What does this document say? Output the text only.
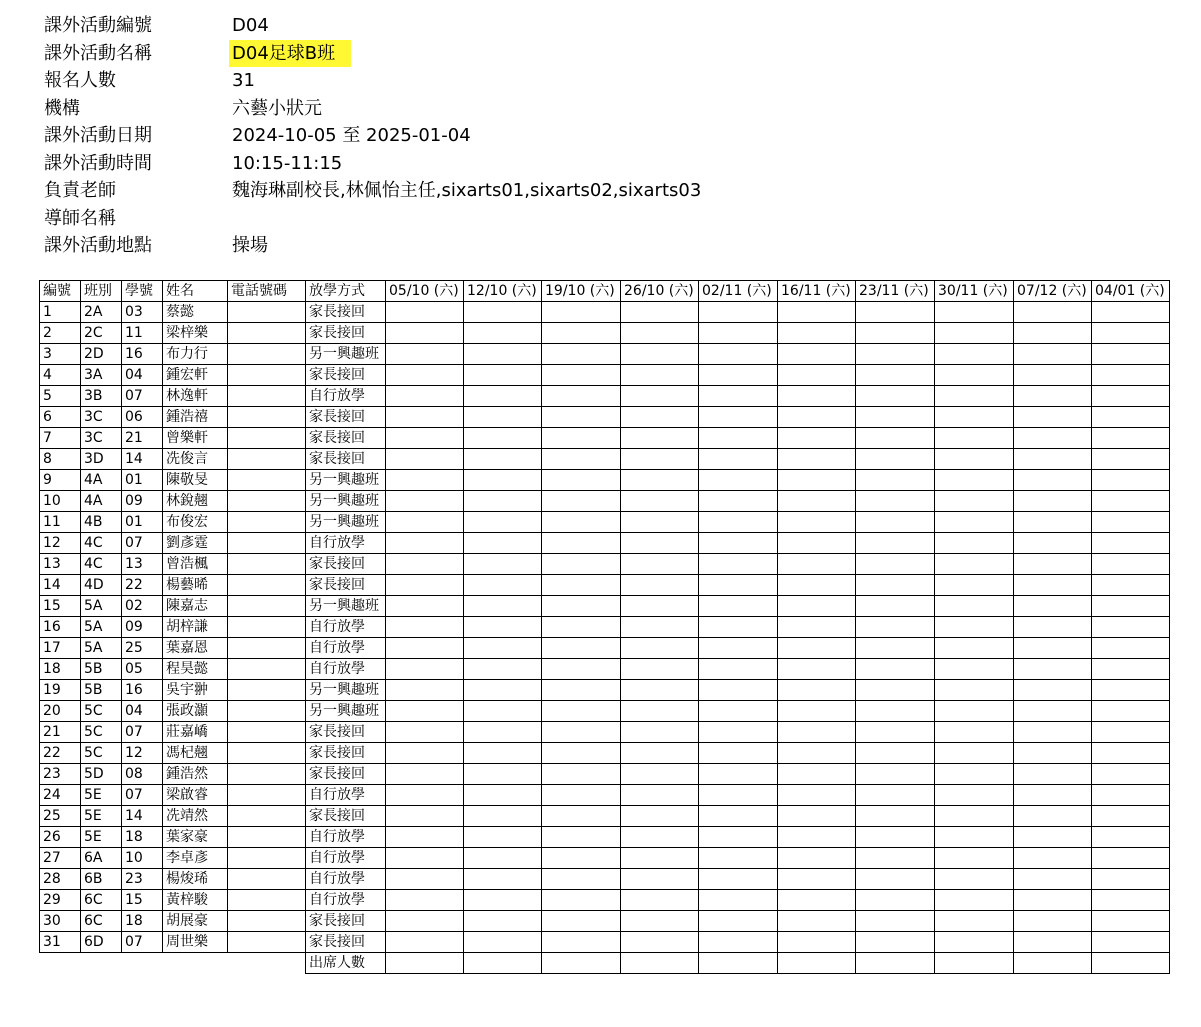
課外活動編號	D04
課外活動名稱	D04足球B班
報名人數	31
機構	六藝小狀元
課外活動日期	2024-10-05 至 2025-01-04
課外活動時間	10:15-11:15
負責老師	魏海琳副校長,林佩怡主任,sixarts01,sixarts02,sixarts03
導師名稱
課外活動地點	操場
編號	班別	學號	姓名	電話號碼	放學方式	05/10 (六)	12/10 (六)	19/10 (六)	26/10 (六)	02/11 (六)	16/11 (六)	23/11 (六)	30/11 (六)	07/12 (六)	04/01 (六)
1	2A	03	蔡懿		家長接回										
2	2C	11	梁梓樂		家長接回										
3	2D	16	布力行		另一興趣班										
4	3A	04	鍾宏軒		家長接回										
5	3B	07	林逸軒		自行放學										
6	3C	06	鍾浩禧		家長接回										
7	3C	21	曾樂軒		家長接回										
8	3D	14	冼俊言		家長接回										
9	4A	01	陳敬旻		另一興趣班										
10	4A	09	林銳翹		另一興趣班										
11	4B	01	布俊宏		另一興趣班										
12	4C	07	劉彥霆		自行放學										
13	4C	13	曾浩楓		家長接回										
14	4D	22	楊藝晞		家長接回										
15	5A	02	陳嘉志		另一興趣班										
16	5A	09	胡梓謙		自行放學										
17	5A	25	葉嘉恩		自行放學										
18	5B	05	程昊懿		自行放學										
19	5B	16	吳宇翀		另一興趣班										
20	5C	04	張政灝		另一興趣班										
21	5C	07	莊嘉嶠		家長接回										
22	5C	12	馮杞翹		家長接回										
23	5D	08	鍾浩然		家長接回										
24	5E	07	梁啟睿		自行放學										
25	5E	14	冼靖然		家長接回										
26	5E	18	葉家豪		自行放學										
27	6A	10	李卓彥		自行放學										
28	6B	23	楊焌琋		自行放學										
29	6C	15	黃梓駿		自行放學										
30	6C	18	胡展豪		家長接回										
31	6D	07	周世樂		家長接回										
					出席人數										
